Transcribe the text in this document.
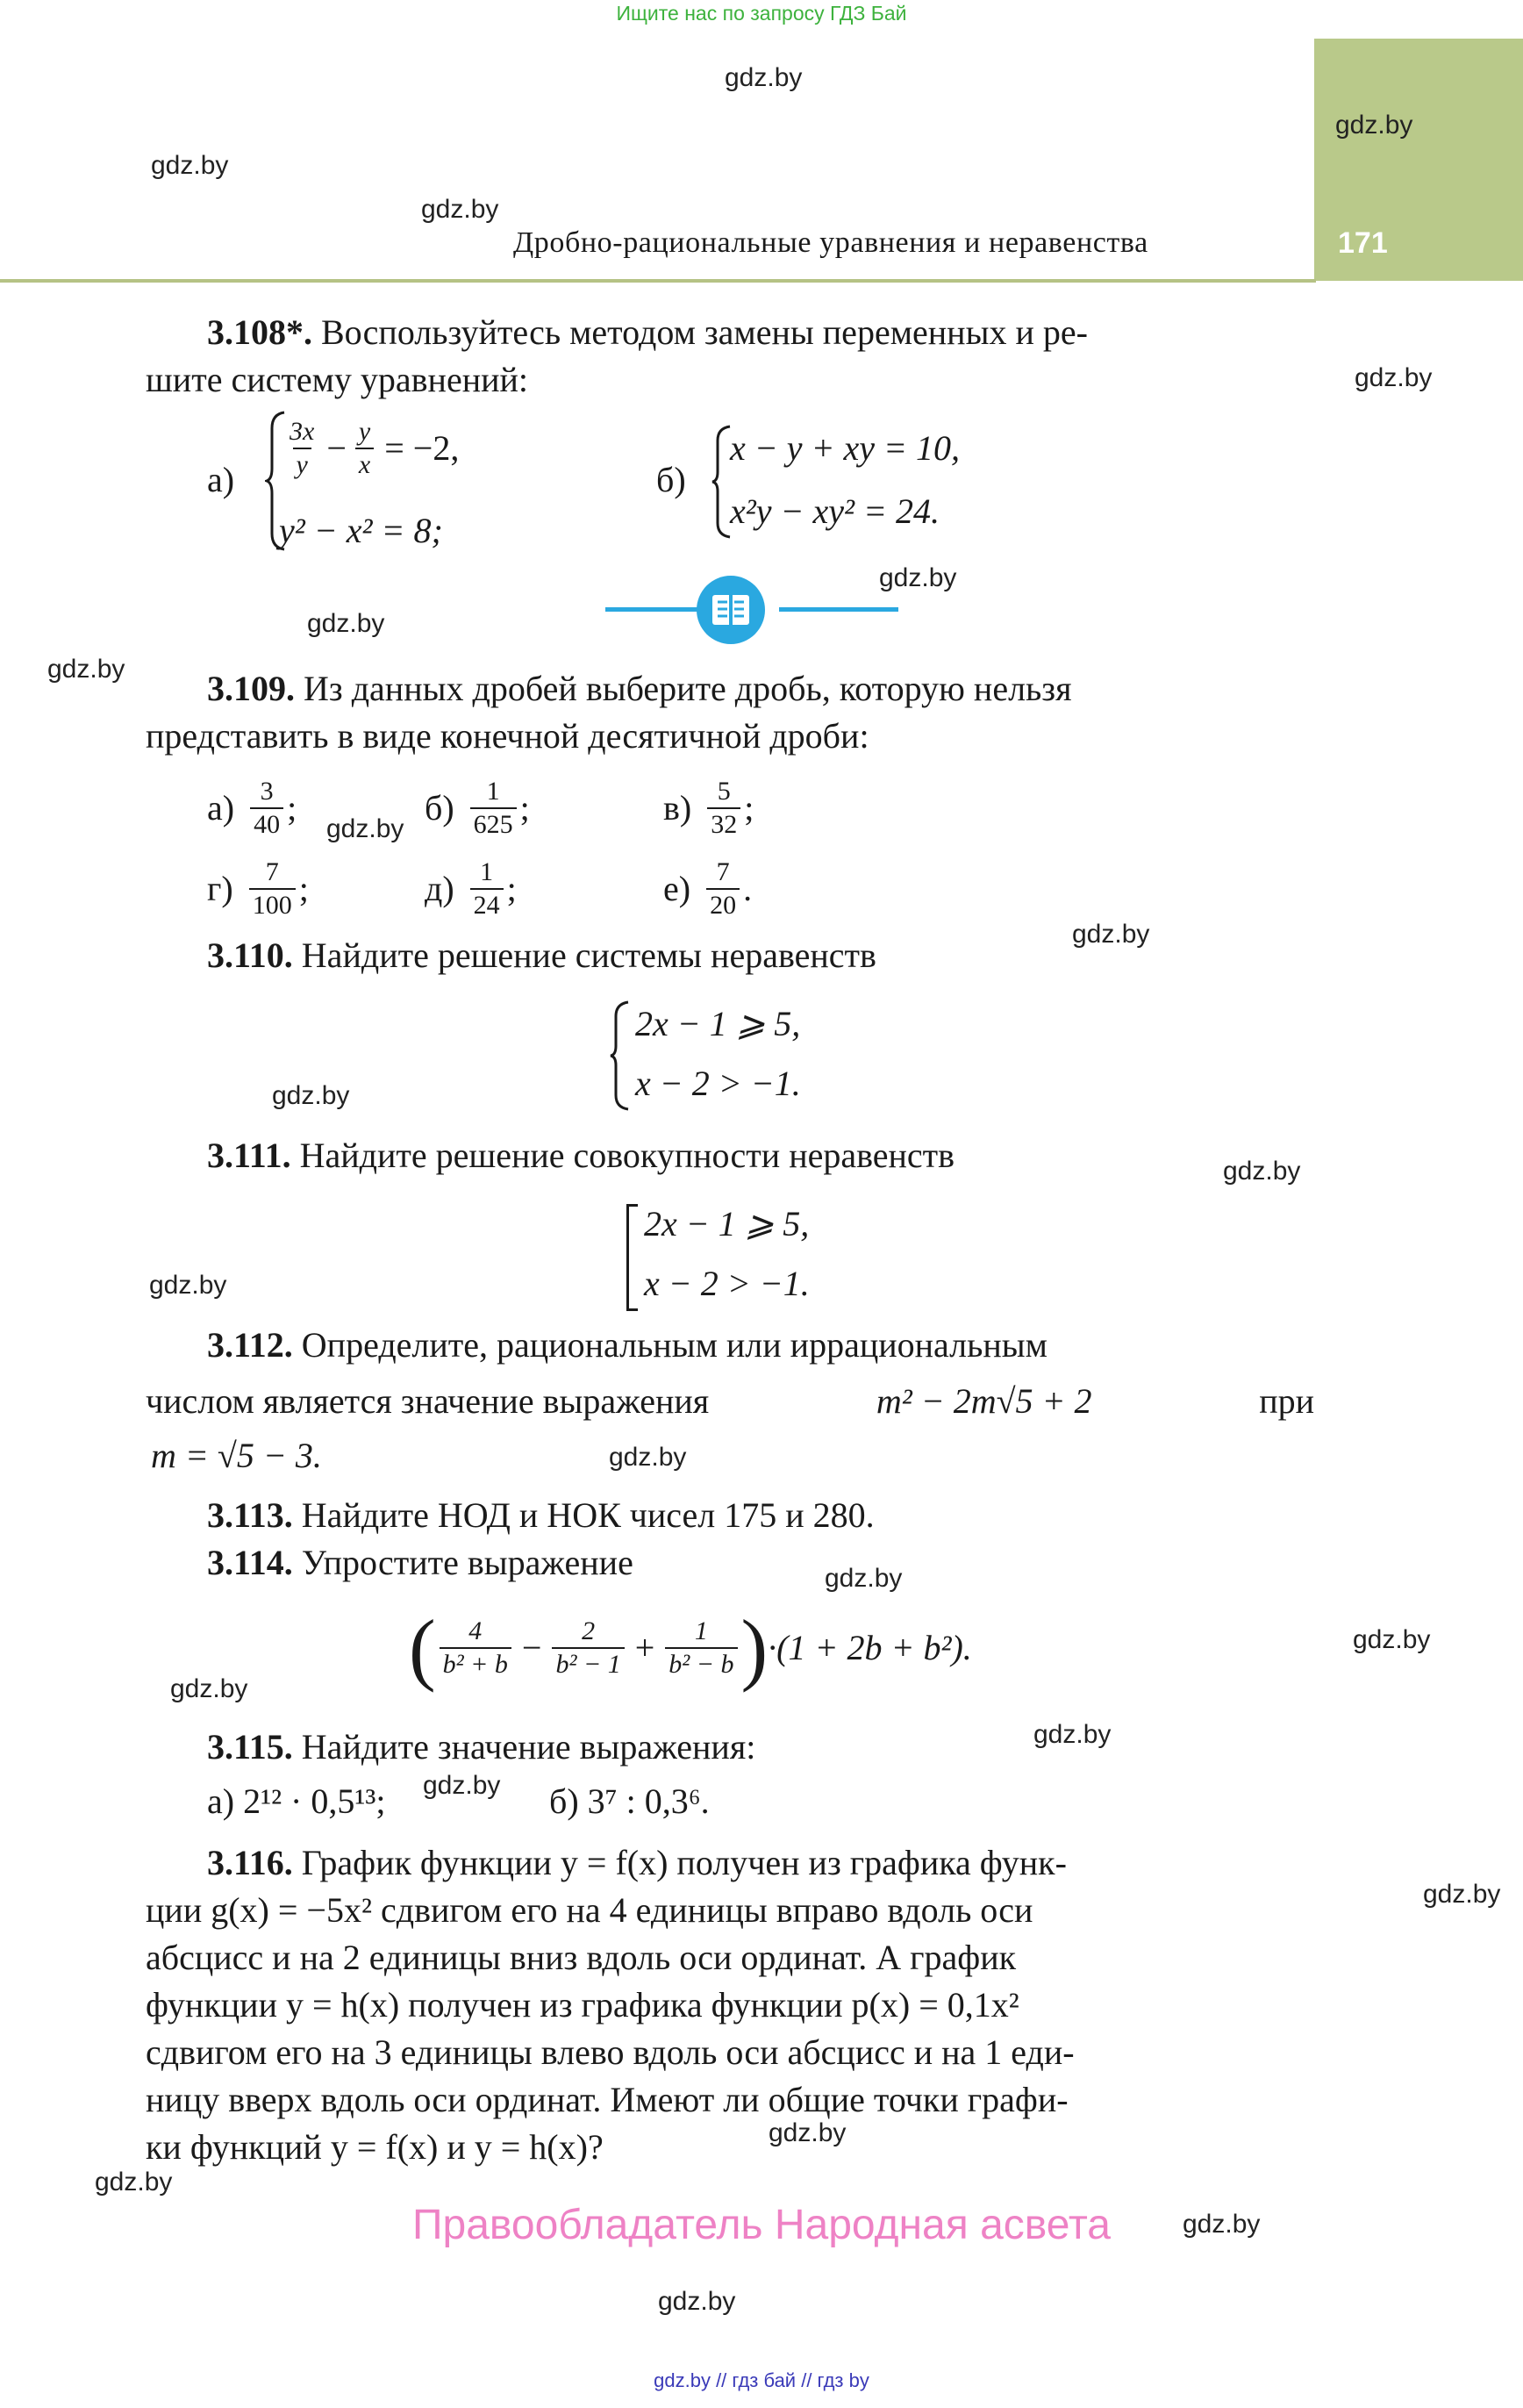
Ищите нас по запросу ГДЗ Бай
Дробно-рациональные уравнения и неравенства	171
gdz.by
gdz.by
gdz.by
gdz.by
gdz.by
gdz.by
gdz.by
gdz.by
gdz.by
gdz.by
gdz.by
gdz.by
gdz.by
gdz.by
gdz.by
gdz.by
gdz.by
gdz.by
gdz.by
gdz.by
gdz.by
gdz.by
gdz.by
gdz.by
3.108*. Воспользуйтесь методом замены переменных и ре-
шите систему уравнений:
$а) \frac{3x}{y} - \frac{y}{x} = -2$,
y² − x² = 8;
б)
x − y + xy = 10,
x²y − xy² = 24.
3.109. Из данных дробей выберите дробь, которую нельзя
представить в виде конечной десятичной дроби:
$а) \frac{3}{40}$ ;	$б) \frac{1}{625}$ ;	$в) \frac{5}{32}$ ;
$г) \frac{7}{100}$ ;	$д) \frac{1}{24}$ ;	$е) \frac{7}{20}$ .
3.110. Найдите решение системы неравенств
2x − 1 ⩾ 5,
x − 2 > −1.
3.111. Найдите решение совокупности неравенств
2x − 1 ⩾ 5,
x − 2 > −1.
3.112. Определите, рациональным или иррациональным
числом является значение выражения	m² − 2m√5 + 2	при
m = √5 − 3.
3.113. Найдите НОД и НОК чисел 175 и 280.
3.114. Упростите выражение
( $\frac{4}{\text{b² + b}} - \frac{2}{\text{b² − 1}} + \frac{1}{\text{b² − b}}$ ) ·(1 + 2b + b²).
3.115. Найдите значение выражения:
а) 2¹² · 0,5¹³;	б) 3⁷ : 0,3⁶.
3.116. График функции y = f(x) получен из графика функ-
ции g(x) = −5x² сдвигом его на 4 единицы вправо вдоль оси
абсцисс и на 2 единицы вниз вдоль оси ординат. А график
функции y = h(x) получен из графика функции p(x) = 0,1x²
сдвигом его на 3 единицы влево вдоль оси абсцисс и на 1 еди-
ницу вверх вдоль оси ординат. Имеют ли общие точки графи-
ки функций y = f(x) и y = h(x)?
Правообладатель Народная асвета
gdz.by // гдз бай // гдз by
